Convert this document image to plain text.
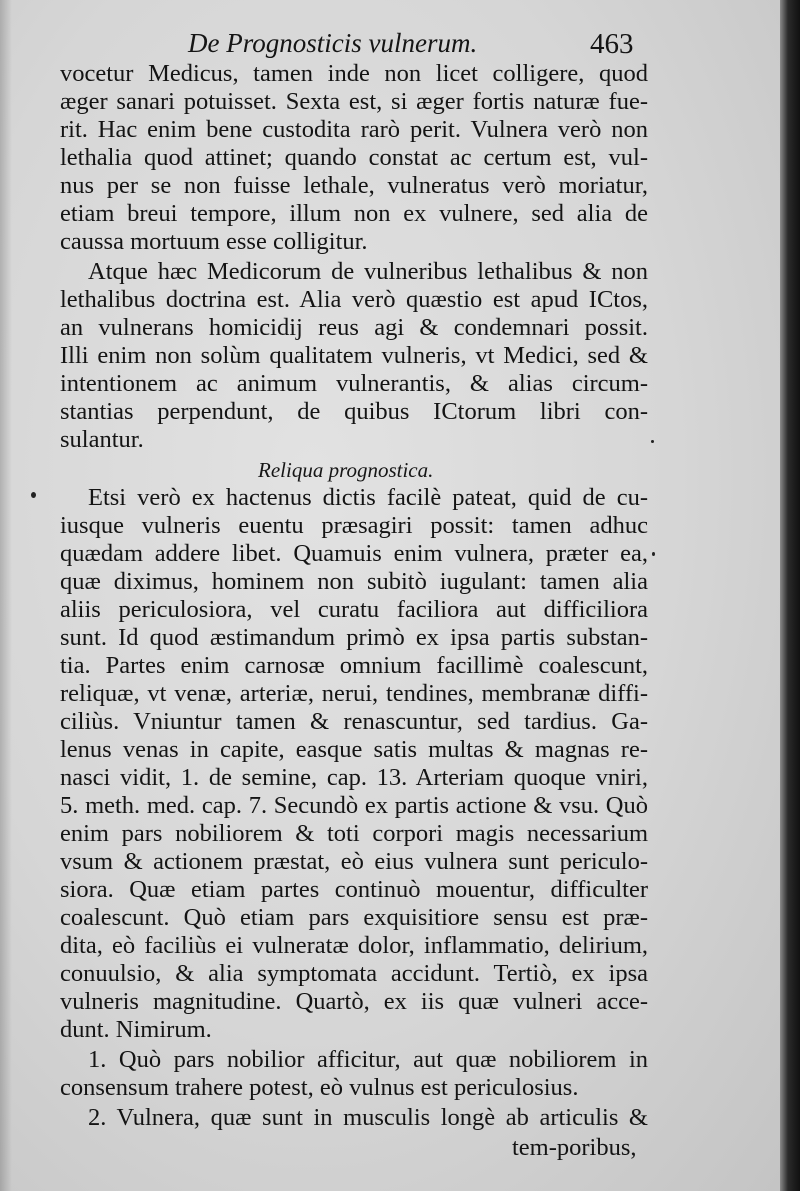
De Prognosticis vulnerum.	463
vocetur Medicus, tamen inde non licet colligere, quod
æger sanari potuisset. Sexta est, si æger fortis naturæ fue-
rit. Hac enim bene custodita rarò perit. Vulnera verò non
lethalia quod attinet; quando constat ac certum est, vul-
nus per se non fuisse lethale, vulneratus verò moriatur,
etiam breui tempore, illum non ex vulnere, sed alia de
caussa mortuum esse colligitur.
Atque hæc Medicorum de vulneribus lethalibus & non
lethalibus doctrina est. Alia verò quæstio est apud ICtos,
an vulnerans homicidij reus agi & condemnari possit.
Illi enim non solùm qualitatem vulneris, vt Medici, sed &
intentionem ac animum vulnerantis, & alias circum-
stantias perpendunt, de quibus ICtorum libri con-
sulantur.
Reliqua prognostica.
Etsi verò ex hactenus dictis facilè pateat, quid de cu-
iusque vulneris euentu præsagiri possit: tamen adhuc
quædam addere libet. Quamuis enim vulnera, præter ea,
quæ diximus, hominem non subitò iugulant: tamen alia
aliis periculosiora, vel curatu faciliora aut difficiliora
sunt. Id quod æstimandum primò ex ipsa partis substan-
tia. Partes enim carnosæ omnium facillimè coalescunt,
reliquæ, vt venæ, arteriæ, nerui, tendines, membranæ diffi-
ciliùs. Vniuntur tamen & renascuntur, sed tardius. Ga-
lenus venas in capite, easque satis multas & magnas re-
nasci vidit, 1. de semine, cap. 13. Arteriam quoque vniri,
5. meth. med. cap. 7. Secundò ex partis actione & vsu. Quò
enim pars nobiliorem & toti corpori magis necessarium
vsum & actionem præstat, eò eius vulnera sunt periculo-
siora. Quæ etiam partes continuò mouentur, difficulter
coalescunt. Quò etiam pars exquisitiore sensu est præ-
dita, eò faciliùs ei vulneratæ dolor, inflammatio, delirium,
conuulsio, & alia symptomata accidunt. Tertiò, ex ipsa
vulneris magnitudine. Quartò, ex iis quæ vulneri acce-
dunt. Nimirum.
1. Quò pars nobilior afficitur, aut quæ nobiliorem in
consensum trahere potest, eò vulnus est periculosius.
2. Vulnera, quæ sunt in musculis longè ab articulis &
tem-poribus,
